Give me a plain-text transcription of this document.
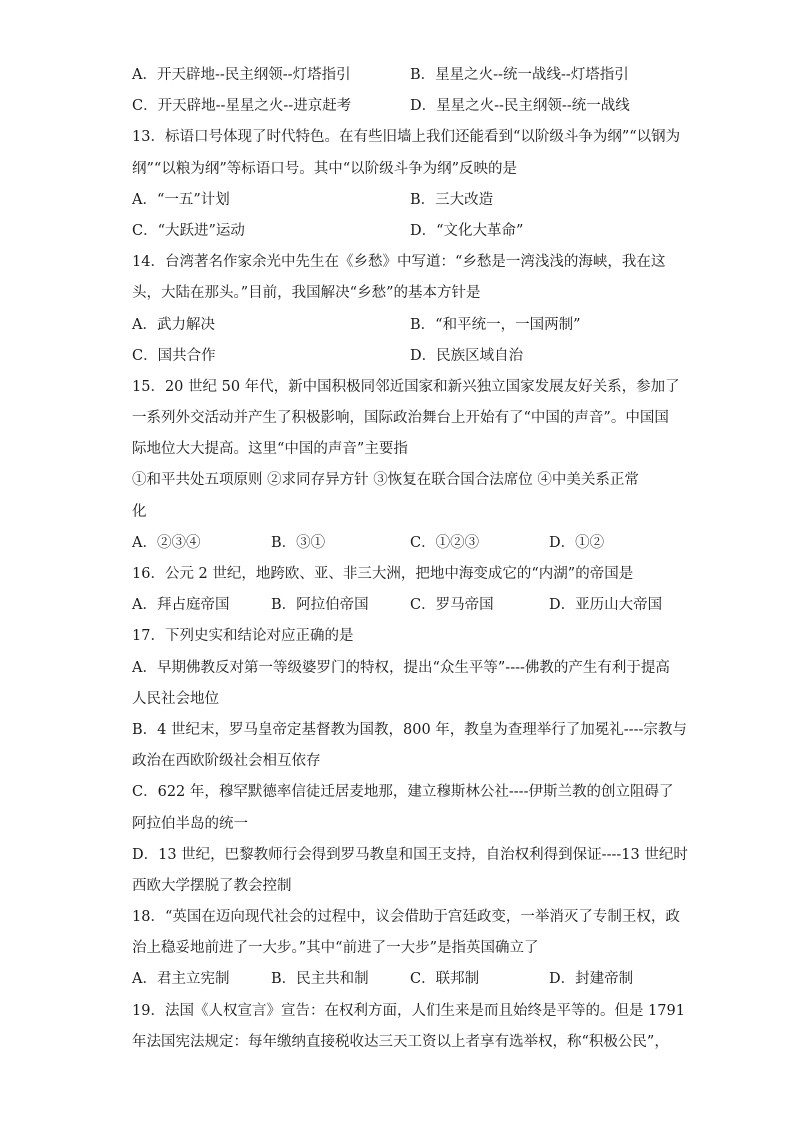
A．开天辟地--民主纲领--灯塔指引	B．星星之火--统一战线--灯塔指引
C．开天辟地--星星之火--进京赶考	D．星星之火--民主纲领--统一战线
13．标语口号体现了时代特色。在有些旧墙上我们还能看到“以阶级斗争为纲”“以钢为
纲”“以粮为纲”等标语口号。其中“以阶级斗争为纲”反映的是
A．“一五”计划	B．三大改造
C．“大跃进”运动	D．“文化大革命”
14．台湾著名作家余光中先生在《乡愁》中写道：“乡愁是一湾浅浅的海峡，我在这
头，大陆在那头。”目前，我国解决“乡愁”的基本方针是
A．武力解决	B．“和平统一，一国两制”
C．国共合作	D．民族区域自治
15．20 世纪 50 年代，新中国积极同邻近国家和新兴独立国家发展友好关系，参加了
一系列外交活动并产生了积极影响，国际政治舞台上开始有了“中国的声音”。中国国
际地位大大提高。这里“中国的声音”主要指
①和平共处五项原则 ②求同存异方针 ③恢复在联合国合法席位 ④中美关系正常
化
A．②③④	B．③①	C．①②③	D．①②
16．公元 2 世纪，地跨欧、亚、非三大洲，把地中海变成它的“内湖”的帝国是
A．拜占庭帝国	B．阿拉伯帝国	C．罗马帝国	D．亚历山大帝国
17．下列史实和结论对应正确的是
A．早期佛教反对第一等级婆罗门的特权，提出“众生平等”----佛教的产生有利于提高
人民社会地位
B．4 世纪末，罗马皇帝定基督教为国教，800 年，教皇为查理举行了加冕礼----宗教与
政治在西欧阶级社会相互依存
C．622 年，穆罕默德率信徒迁居麦地那，建立穆斯林公社----伊斯兰教的创立阻碍了
阿拉伯半岛的统一
D．13 世纪，巴黎教师行会得到罗马教皇和国王支持，自治权利得到保证----13 世纪时
西欧大学摆脱了教会控制
18．“英国在迈向现代社会的过程中，议会借助于宫廷政变，一举消灭了专制王权，政
治上稳妥地前进了一大步。”其中“前进了一大步”是指英国确立了
A．君主立宪制	B．民主共和制	C．联邦制	D．封建帝制
19．法国《人权宣言》宣告：在权利方面，人们生来是而且始终是平等的。但是 1791
年法国宪法规定：每年缴纳直接税收达三天工资以上者享有选举权，称“积极公民”，
